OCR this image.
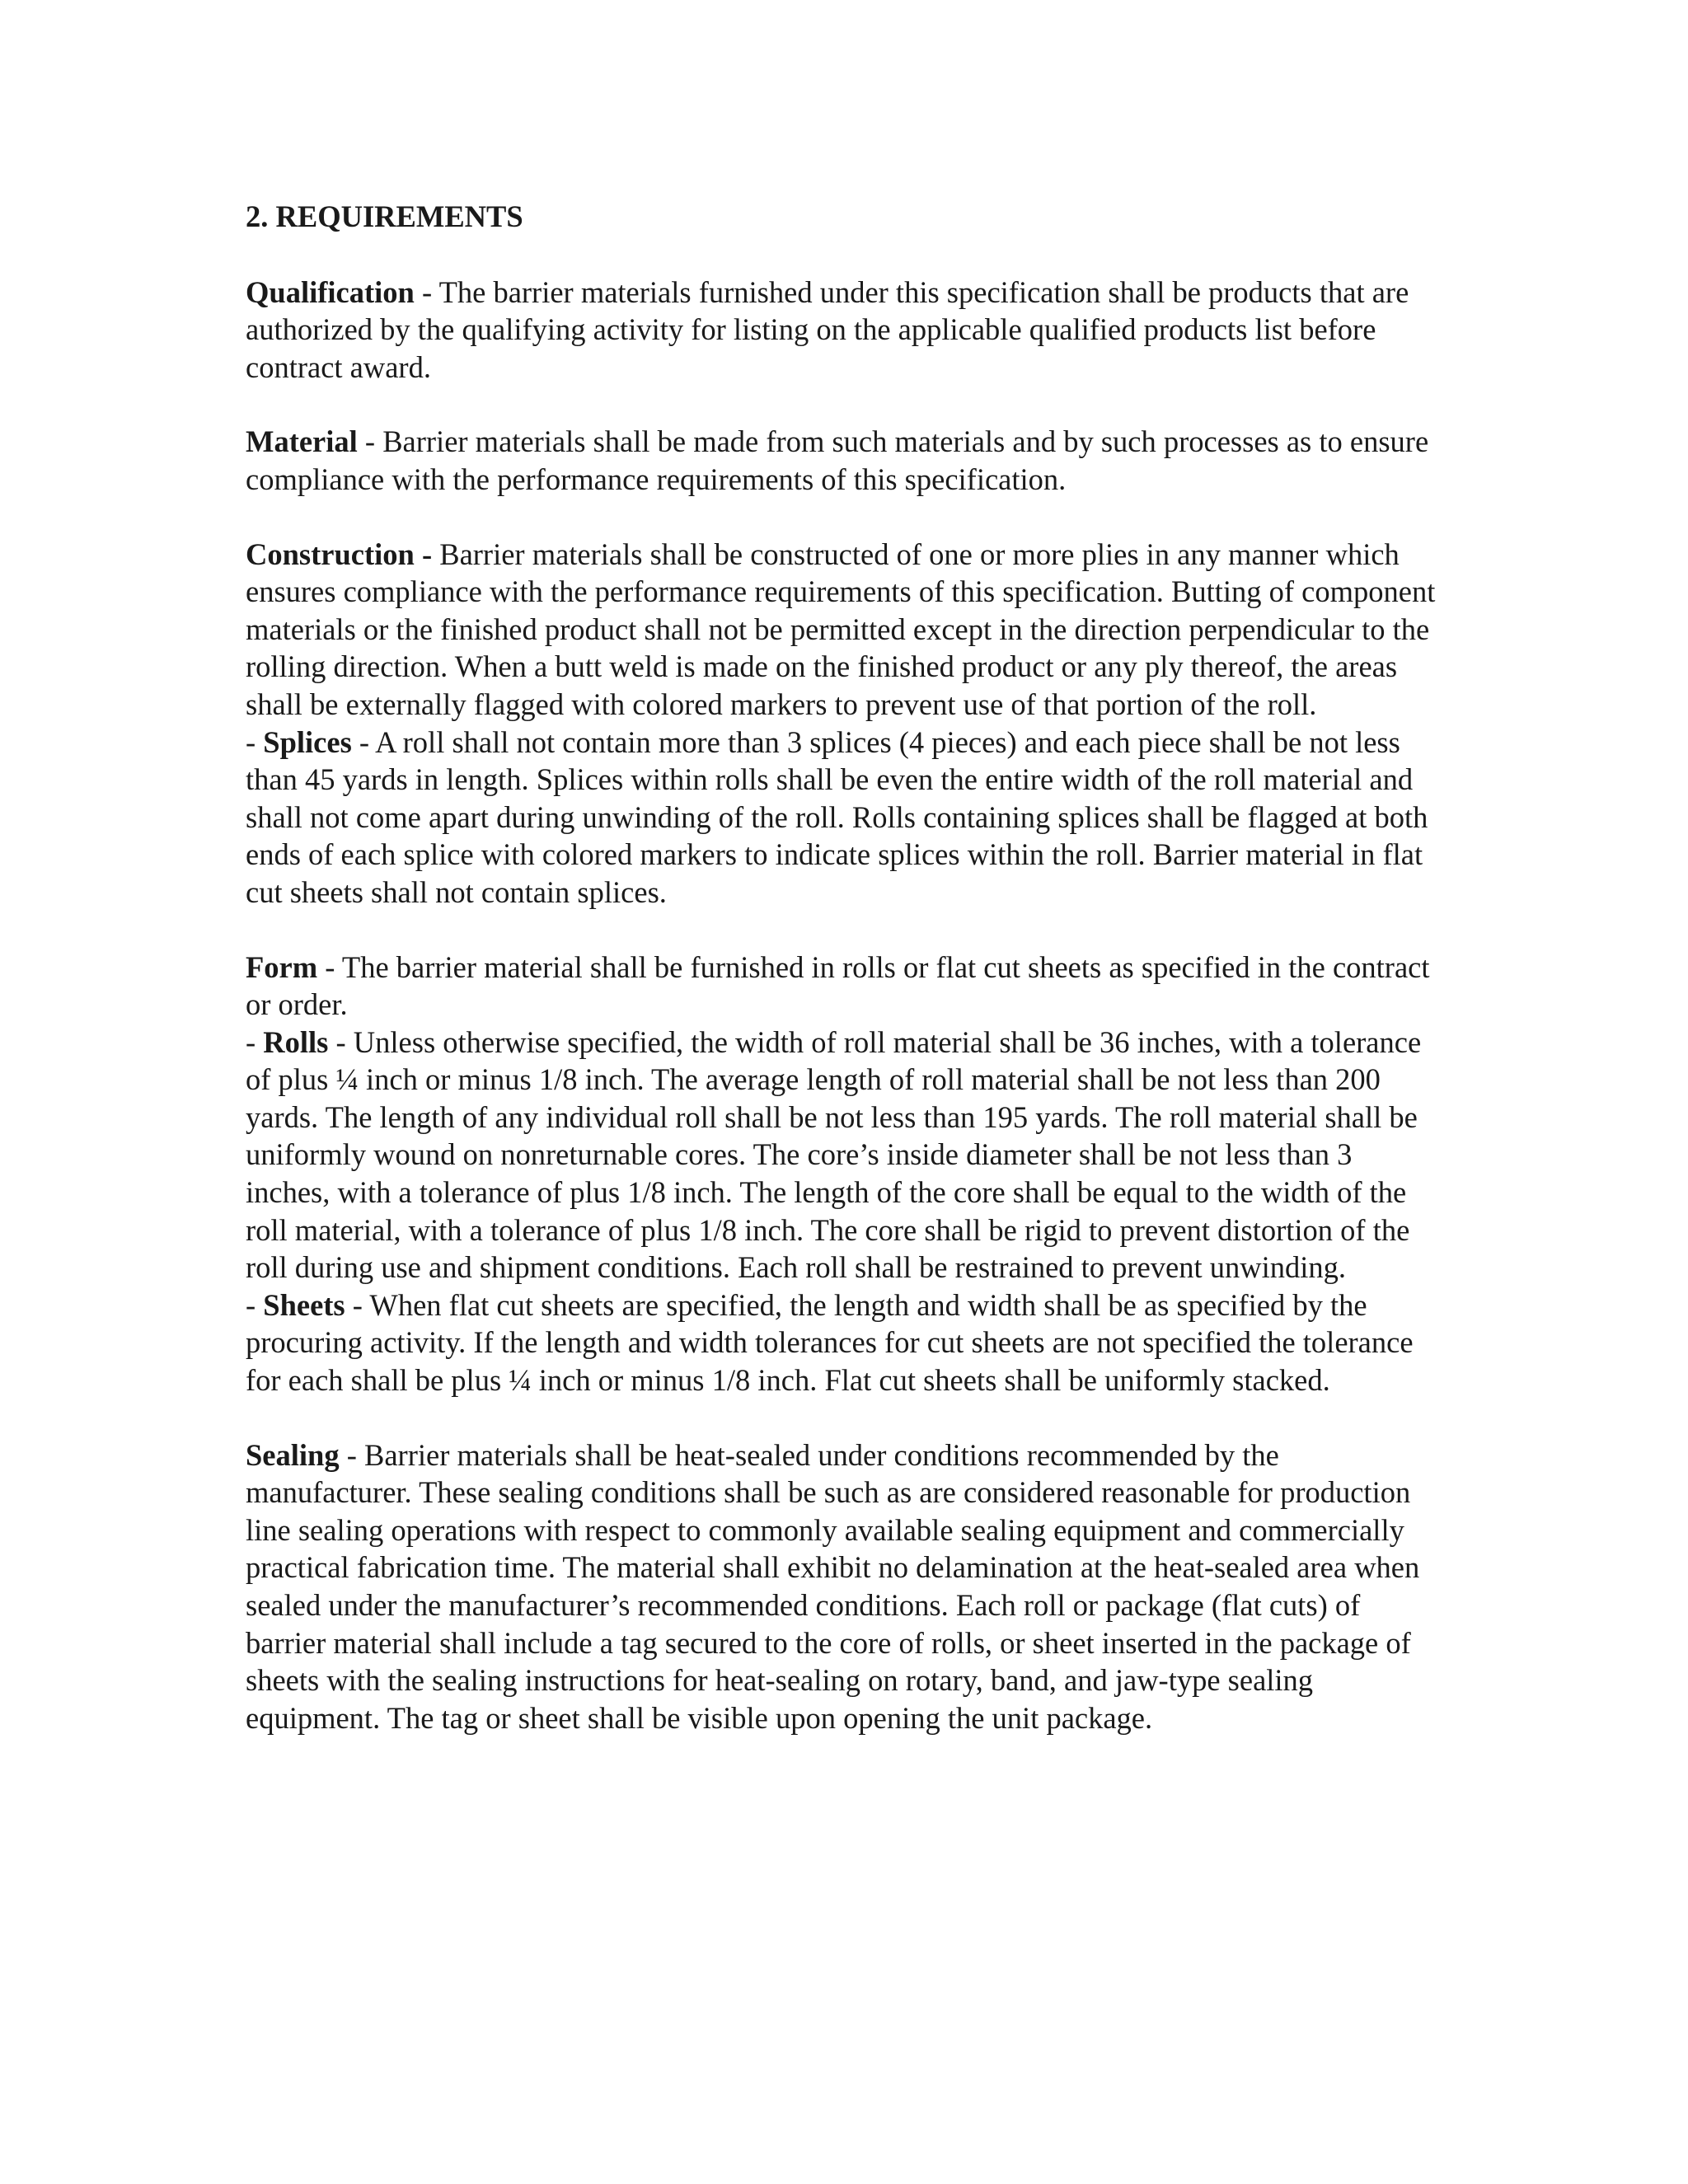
2. REQUIREMENTS
Qualification - The barrier materials furnished under this specification shall be products that are authorized by the qualifying activity for listing on the applicable qualified products list before contract award.
Material - Barrier materials shall be made from such materials and by such processes as to ensure compliance with the performance requirements of this specification.
Construction - Barrier materials shall be constructed of one or more plies in any manner which ensures compliance with the performance requirements of this specification. Butting of component materials or the finished product shall not be permitted except in the direction perpendicular to the rolling direction. When a butt weld is made on the finished product or any ply thereof, the areas shall be externally flagged with colored markers to prevent use of that portion of the roll.
- Splices - A roll shall not contain more than 3 splices (4 pieces) and each piece shall be not less than 45 yards in length. Splices within rolls shall be even the entire width of the roll material and shall not come apart during unwinding of the roll. Rolls containing splices shall be flagged at both ends of each splice with colored markers to indicate splices within the roll. Barrier material in flat cut sheets shall not contain splices.
Form - The barrier material shall be furnished in rolls or flat cut sheets as specified in the contract or order.
- Rolls - Unless otherwise specified, the width of roll material shall be 36 inches, with a tolerance of plus ¼ inch or minus 1/8 inch. The average length of roll material shall be not less than 200 yards. The length of any individual roll shall be not less than 195 yards. The roll material shall be uniformly wound on nonreturnable cores. The core’s inside diameter shall be not less than 3 inches, with a tolerance of plus 1/8 inch. The length of the core shall be equal to the width of the roll material, with a tolerance of plus 1/8 inch. The core shall be rigid to prevent distortion of the roll during use and shipment conditions. Each roll shall be restrained to prevent unwinding.
- Sheets - When flat cut sheets are specified, the length and width shall be as specified by the procuring activity. If the length and width tolerances for cut sheets are not specified the tolerance for each shall be plus ¼ inch or minus 1/8 inch. Flat cut sheets shall be uniformly stacked.
Sealing - Barrier materials shall be heat-sealed under conditions recommended by the manufacturer. These sealing conditions shall be such as are considered reasonable for production line sealing operations with respect to commonly available sealing equipment and commercially practical fabrication time. The material shall exhibit no delamination at the heat-sealed area when sealed under the manufacturer’s recommended conditions. Each roll or package (flat cuts) of barrier material shall include a tag secured to the core of rolls, or sheet inserted in the package of sheets with the sealing instructions for heat-sealing on rotary, band, and jaw-type sealing equipment. The tag or sheet shall be visible upon opening the unit package.
